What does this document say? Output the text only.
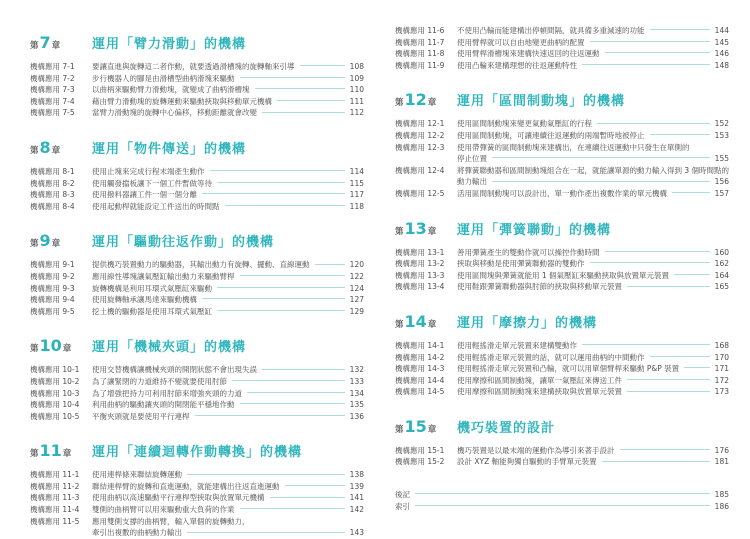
第7章	運用「臂力滑動」的機構
機構應用 7-1	要讓直進與旋轉這二者作動，就要透過滑槽塊的旋轉軸來引導	108
機構應用 7-2	步行機器人的腳是由滑槽型曲柄滑塊來驅動	109
機構應用 7-3	以曲柄來驅動臂力滑動塊，就變成了曲柄滑槽塊	110
機構應用 7-4	藉由臂力滑動塊的旋轉運動來驅動挾取與移動單元機構	111
機構應用 7-5	當臂力滑動塊的旋轉中心偏移，移動距離就會改變	112
第8章	運用「物件傳送」的機構
機構應用 8-1	使用止塊來完成行程末端產生動作	114
機構應用 8-2	使用觸發擋板讓下一個工件暫做等待	115
機構應用 8-3	使用撥料器讓工件一個一個分離	117
機構應用 8-4	使用起動桿就能設定工件送出的時間點	118
第9章	運用「驅動往返作動」的機構
機構應用 9-1	提供機巧裝置動力的驅動器，其輸出動力有旋轉、擺動、直線運動	120
機構應用 9-2	應用線性導塊讓氣壓缸輸出動力來驅動臂桿	122
機構應用 9-3	旋轉機構是利用耳環式氣壓缸來驅動	124
機構應用 9-4	使用旋轉軸承讓馬達來驅動機構	127
機構應用 9-5	挖土機的驅動器是使用耳環式氣壓缸	129
第10章	運用「機械夾頭」的機構
機構應用 10-1	使用交替機構讓機械夾頭的開閉狀態不會出現失誤	132
機構應用 10-2	為了讓緊閉的力道維持不變就要使用肘節	133
機構應用 10-3	為了增強把持力可利用肘節來增強夾頭的力道	134
機構應用 10-4	利用曲柄的驅動讓夾頭的開閉能平穩地作動	135
機構應用 10-5	平衡夾頭就是要使用平行連桿	136
第11章	運用「連續迴轉作動轉換」的機構
機構應用 11-1	使用連桿條來聯結旋轉運動	138
機構應用 11-2	聯結連桿臂的旋轉和直進運動，就能建構出往返直進運動	139
機構應用 11-3	使用曲柄以高速驅動平行連桿型挾取與放置單元機構	141
機構應用 11-4	雙側的曲柄臂可以用來驅動重大負荷的作業	142
機構應用 11-5	應用雙側支撐的曲柄臂，輸入單個的旋轉動力，
牽引出複數的曲柄動力輸出	143
機構應用 11-6	不使用凸輪而能建構出停頓間隔，就具備多重減速的功能	144
機構應用 11-7	使用臂桿就可以自由地變更曲柄的配置	145
機構應用 11-8	使用臂桿滑槽塊來建構快速返回的往返運動	146
機構應用 11-9	使用凸輪來建構理想的往返運動特性	148
第12章	運用「區間制動塊」的機構
機構應用 12-1	使用區間制動塊來變更氣動氣壓缸的行程	152
機構應用 12-2	使用區間制動塊，可讓連續往返運動的兩端暫時地被停止	153
機構應用 12-3	使用帶彈簧的區間制動塊來建構出，在連續往返運動中只發生在單側的
停止位置	155
機構應用 12-4	將彈簧聯動器和區間制動塊組合在一起，就能讓單源的動力輸入得到 3 個時間點的
動力輸出	156
機構應用 12-5	活用區間制動塊可以設計出，單一動作產出複數作業的單元機構	157
第13章	運用「彈簧聯動」的機構
機構應用 13-1	善用彈簧產生的雙動作就可以操控作動時間	160
機構應用 13-2	挾取與移動是使用彈簧聯動器的雙動作	162
機構應用 13-3	使用區間塊與彈簧就能用 1 個氣壓缸來驅動挾取與放置單元裝置	164
機構應用 13-4	使用鞋跟彈簧聯動器與肘節的挾取與移動單元裝置	165
第14章	運用「摩擦力」的機構
機構應用 14-1	使用輕搖滑走單元裝置來建構雙動作	168
機構應用 14-2	使用輕搖滑走單元裝置的話，就可以運用曲柄的中間動作	170
機構應用 14-3	使用輕搖滑走單元裝置和凸輪，就可以用單個臂桿來驅動 P&P 裝置	171
機構應用 14-4	使用摩擦和區間制動塊，讓單一氣壓缸來傳送工件	172
機構應用 14-5	使用摩擦和區間制動塊來建構挾取與放置單元裝置	173
第15章	機巧裝置的設計
機構應用 15-1	機巧裝置是以最末端的運動作為導引來著手設計	176
機構應用 15-2	設計 XYZ 軸能夠獨自驅動的手臂單元裝置	181
後記	185
索引	186
